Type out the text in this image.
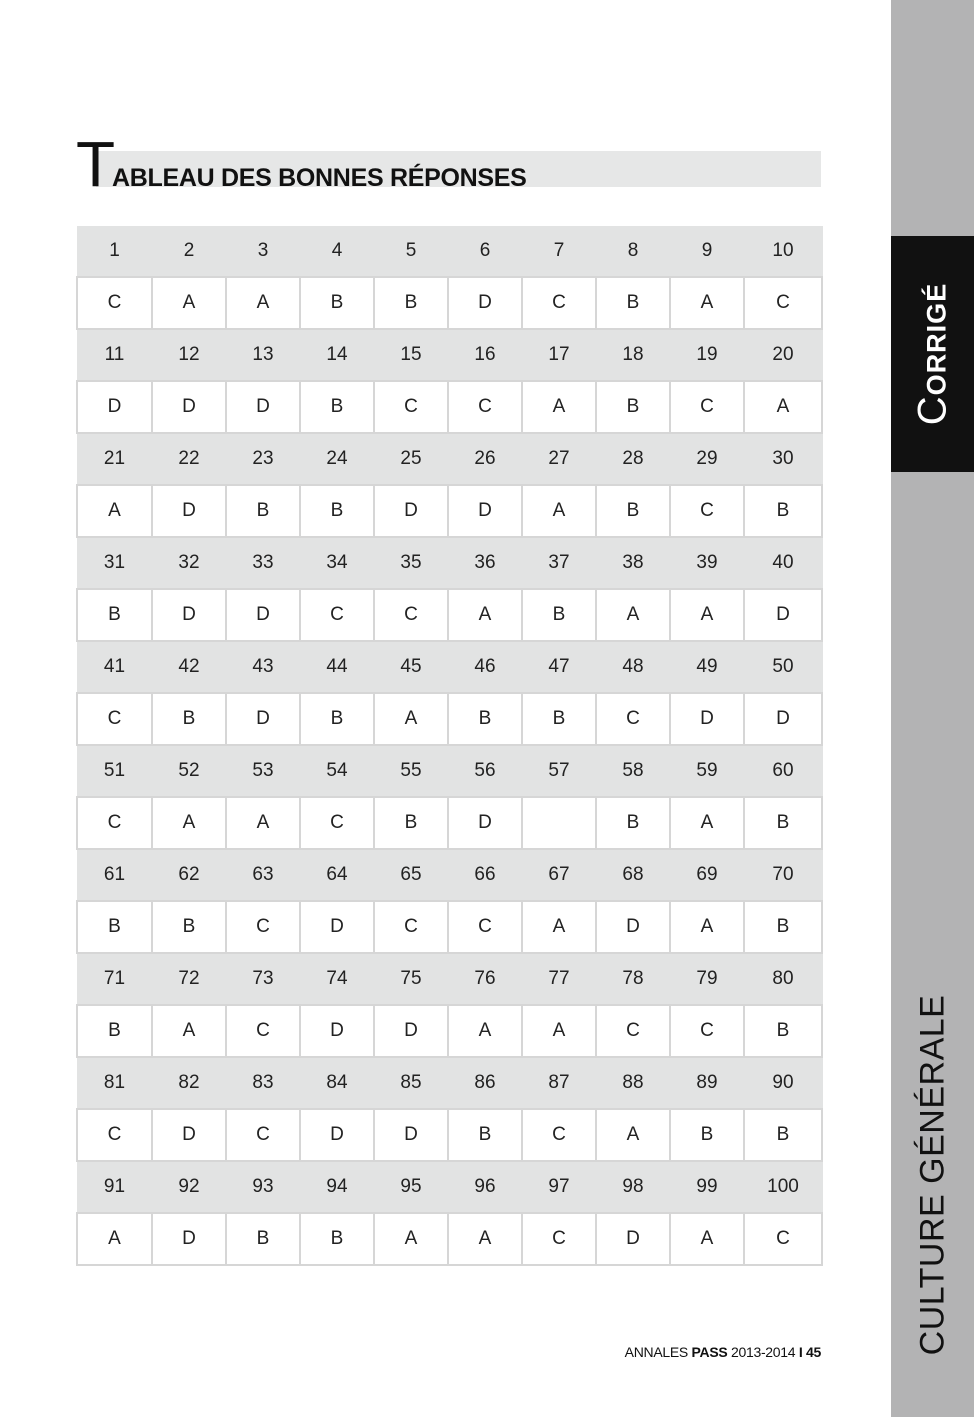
CORRIGÉ
CULTURE GÉNÉRALE
T
ABLEAU DES BONNES RÉPONSES
1	2	3	4	5	6	7	8	9	10
C	A	A	B	B	D	C	B	A	C
11	12	13	14	15	16	17	18	19	20
D	D	D	B	C	C	A	B	C	A
21	22	23	24	25	26	27	28	29	30
A	D	B	B	D	D	A	B	C	B
31	32	33	34	35	36	37	38	39	40
B	D	D	C	C	A	B	A	A	D
41	42	43	44	45	46	47	48	49	50
C	B	D	B	A	B	B	C	D	D
51	52	53	54	55	56	57	58	59	60
C	A	A	C	B	D		B	A	B
61	62	63	64	65	66	67	68	69	70
B	B	C	D	C	C	A	D	A	B
71	72	73	74	75	76	77	78	79	80
B	A	C	D	D	A	A	C	C	B
81	82	83	84	85	86	87	88	89	90
C	D	C	D	D	B	C	A	B	B
91	92	93	94	95	96	97	98	99	100
A	D	B	B	A	A	C	D	A	C
ANNALES PASS 2013-2014 I 45
